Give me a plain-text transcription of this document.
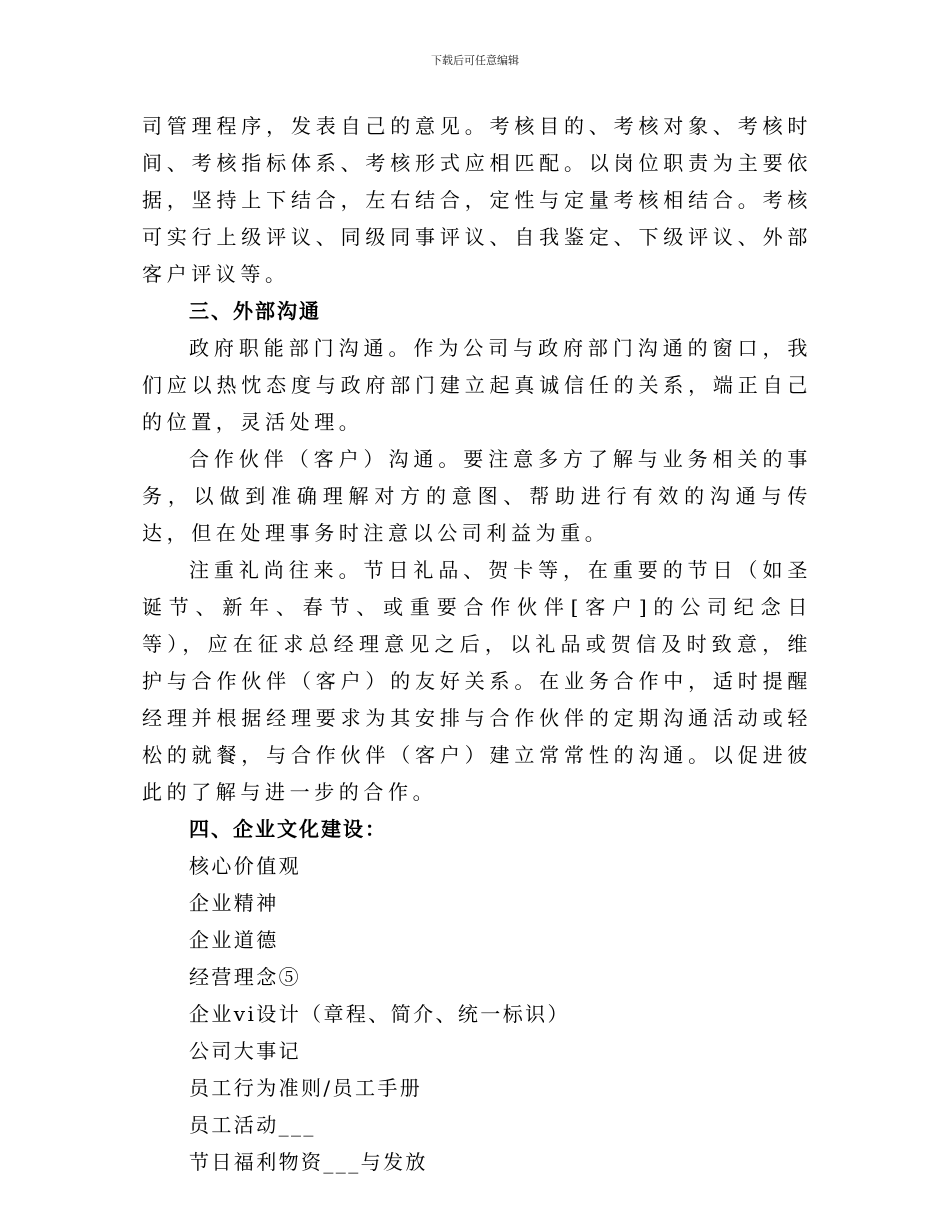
下载后可任意编辑

司管理程序，发表自己的意见。考核目的、考核对象、考核时间、考核指标体系、考核形式应相匹配。以岗位职责为主要依据，坚持上下结合，左右结合，定性与定量考核相结合。考核可实行上级评议、同级同事评议、自我鉴定、下级评议、外部客户评议等。

三、外部沟通

政府职能部门沟通。作为公司与政府部门沟通的窗口，我们应以热忱态度与政府部门建立起真诚信任的关系，端正自己的位置，灵活处理。

合作伙伴（客户）沟通。要注意多方了解与业务相关的事务，以做到准确理解对方的意图、帮助进行有效的沟通与传达，但在处理事务时注意以公司利益为重。

注重礼尚往来。节日礼品、贺卡等，在重要的节日（如圣诞节、新年、春节、或重要合作伙伴[客户]的公司纪念日等），应在征求总经理意见之后，以礼品或贺信及时致意，维护与合作伙伴（客户）的友好关系。在业务合作中，适时提醒经理并根据经理要求为其安排与合作伙伴的定期沟通活动或轻松的就餐，与合作伙伴（客户）建立常常性的沟通。以促进彼此的了解与进一步的合作。

四、企业文化建设：

核心价值观
企业精神
企业道德
经营理念⑤
企业vi设计（章程、简介、统一标识）
公司大事记
员工行为准则/员工手册
员工活动___
节日福利物资___与发放
